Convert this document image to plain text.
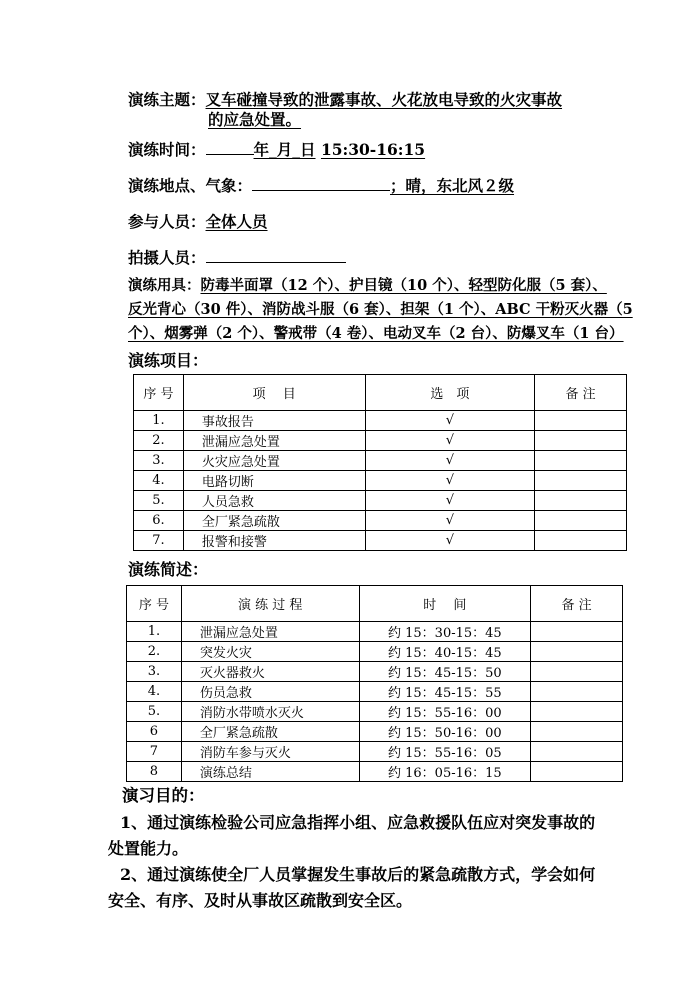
演练主题：叉车碰撞导致的泄露事故、火花放电导致的火灾事故
的应急处置。
演练时间：	年_月_日 15:30-16:15
演练地点、气象：	；晴，东北风２级
参与人员：全体人员
拍摄人员：
演练用具：防毒半面罩（12 个）、护目镜（10 个）、轻型防化服（5 套）、
反光背心（30 件）、消防战斗服（6 套）、担架（1 个）、ABC 干粉灭火器（5
个）、烟雾弹（2 个）、警戒带（4 卷）、电动叉车（2 台）、防爆叉车（1 台）
演练项目：
序 号	项　 目	选　项	备 注
1.	事故报告	√	
2.	泄漏应急处置	√	
3.	火灾应急处置	√	
4.	电路切断	√	
5.	人员急救	√	
6.	全厂紧急疏散	√	
7.	报警和接警	√	
演练简述：
序 号	演 练 过 程	时　 间	备 注
1.	泄漏应急处置	约 15：30-15：45	
2.	突发火灾	约 15：40-15：45	
3.	灭火器救火	约 15：45-15：50	
4.	伤员急救	约 15：45-15：55	
5.	消防水带喷水灭火	约 15：55-16：00	
6	全厂紧急疏散	约 15：50-16：00	
7	消防车参与灭火	约 15：55-16：05	
8	演练总结	约 16：05-16：15	
演习目的：
1、通过演练检验公司应急指挥小组、应急救援队伍应对突发事故的处置能力。
2、通过演练使全厂人员掌握发生事故后的紧急疏散方式，学会如何安全、有序、及时从事故区疏散到安全区。
